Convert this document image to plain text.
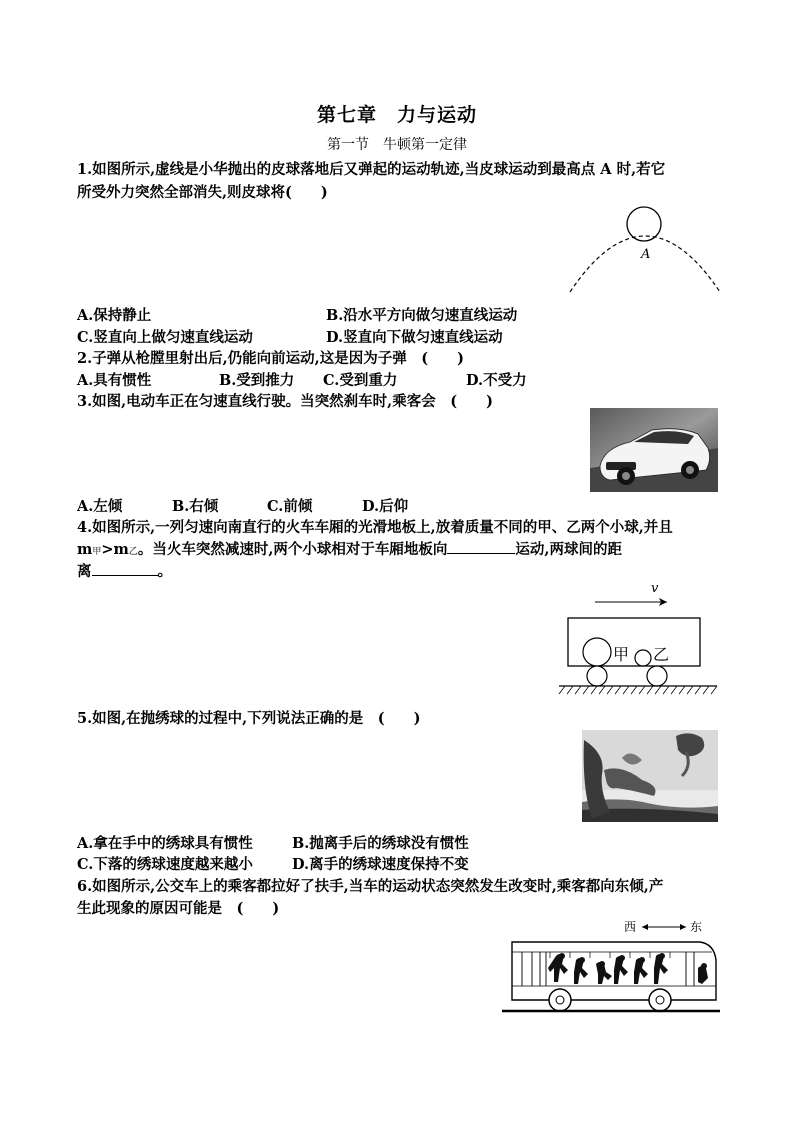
第七章　力与运动
第一节　牛顿第一定律
1.如图所示,虚线是小华抛出的皮球落地后又弹起的运动轨迹,当皮球运动到最高点 A 时,若它
所受外力突然全部消失,则皮球将(　　)
A
A.保持静止	B.沿水平方向做匀速直线运动
C.竖直向上做匀速直线运动	D.竖直向下做匀速直线运动
2.子弹从枪膛里射出后,仍能向前运动,这是因为子弹　(　　)
A.具有惯性	B.受到推力 C.受到重力	D.不受力
3.如图,电动车正在匀速直线行驶。当突然刹车时,乘客会　(　　)
A.左倾	B.右倾	C.前倾	D.后仰
4.如图所示,一列匀速向南直行的火车车厢的光滑地板上,放着质量不同的甲、乙两个小球,并且
m甲>m乙。当火车突然减速时,两个小球相对于车厢地板向	运动,两球间的距
离	。
v
甲 乙
5.如图,在抛绣球的过程中,下列说法正确的是　(　　)
A.拿在手中的绣球具有惯性	B.抛离手后的绣球没有惯性
C.下落的绣球速度越来越小	D.离手的绣球速度保持不变
6.如图所示,公交车上的乘客都拉好了扶手,当车的运动状态突然发生改变时,乘客都向东倾,产
生此现象的原因可能是　(　　)
西	东
